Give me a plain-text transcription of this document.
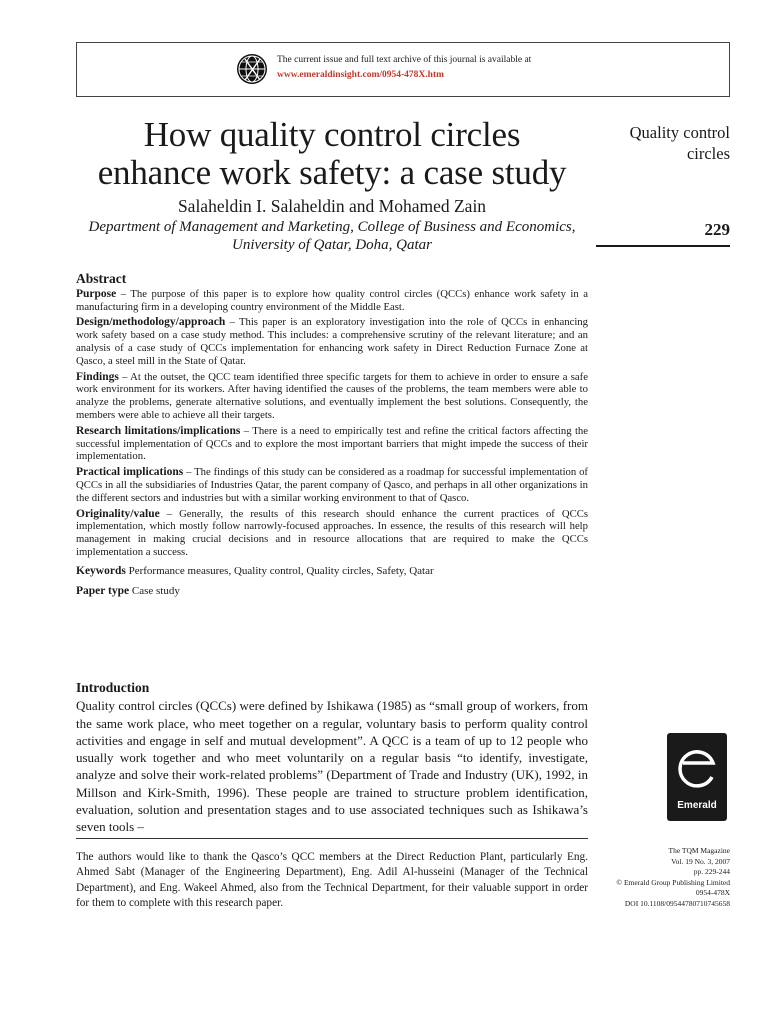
The current issue and full text archive of this journal is available at
www.emeraldinsight.com/0954-478X.htm
How quality control circles
enhance work safety: a case study
Salaheldin I. Salaheldin and Mohamed Zain
Department of Management and Marketing, College of Business and Economics,
University of Qatar, Doha, Qatar
Quality control
circles
229
Abstract
Purpose – The purpose of this paper is to explore how quality control circles (QCCs) enhance work safety in a manufacturing firm in a developing country environment of the Middle East.
Design/methodology/approach – This paper is an exploratory investigation into the role of QCCs in enhancing work safety based on a case study method. This includes: a comprehensive scrutiny of the relevant literature; and an analysis of a case study of QCCs implementation for enhancing work safety in Direct Reduction Furnace Zone at Qasco, a steel mill in the State of Qatar.
Findings – At the outset, the QCC team identified three specific targets for them to achieve in order to ensure a safe work environment for its workers. After having identified the causes of the problems, the team members were able to analyze the problems, generate alternative solutions, and eventually implement the best solutions. Consequently, the members were able to achieve all their targets.
Research limitations/implications – There is a need to empirically test and refine the critical factors affecting the successful implementation of QCCs and to explore the most important barriers that might impede the success of their implementation.
Practical implications – The findings of this study can be considered as a roadmap for successful implementation of QCCs in all the subsidiaries of Industries Qatar, the parent company of Qasco, and perhaps in all other organizations in the different sectors and industries but with a similar working environment to that of Qasco.
Originality/value – Generally, the results of this research should enhance the current practices of QCCs implementation, which mostly follow narrowly-focused approaches. In essence, the results of this research will help management in making crucial decisions and in resource allocations that are required to make the QCCs implementation a success.
Keywords Performance measures, Quality control, Quality circles, Safety, Qatar
Paper type Case study
Introduction
Quality control circles (QCCs) were defined by Ishikawa (1985) as “small group of workers, from the same work place, who meet together on a regular, voluntary basis to perform quality control activities and engage in self and mutual development”. A QCC is a team of up to 12 people who usually work together and who meet voluntarily on a regular basis “to identify, investigate, analyze and solve their work-related problems” (Department of Trade and Industry (UK), 1992, in Millson and Kirk-Smith, 1996). These people are trained to structure problem identification, evaluation, solution and presentation stages and to use associated techniques such as Ishikawa’s seven tools –
The authors would like to thank the Qasco’s QCC members at the Direct Reduction Plant, particularly Eng. Ahmed Sabt (Manager of the Engineering Department), Eng. Adil Al-husseini (Manager of the Technical Department), and Eng. Wakeel Ahmed, also from the Technical Department, for their valuable support in order for them to complete with this research paper.
Emerald
The TQM Magazine
Vol. 19 No. 3, 2007
pp. 229-244
© Emerald Group Publishing Limited
0954-478X
DOI 10.1108/09544780710745658
